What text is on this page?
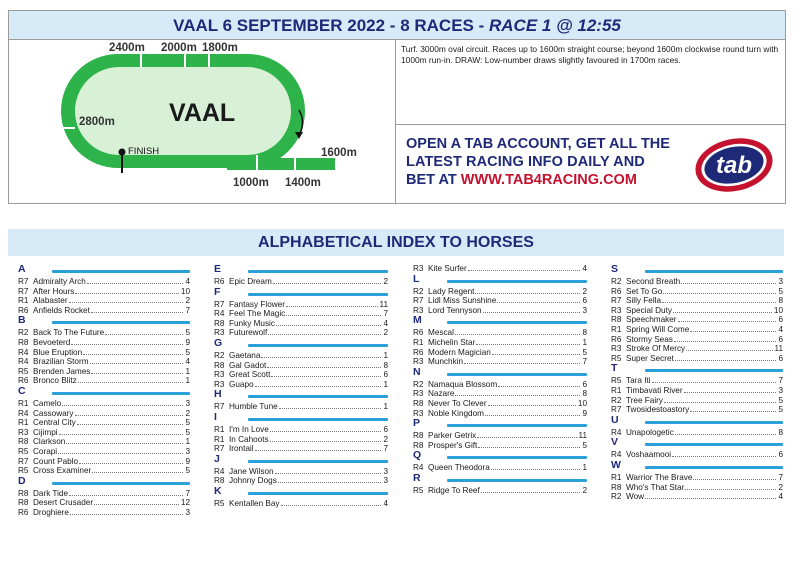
VAAL 6 SEPTEMBER 2022 - 8 RACES - RACE 1 @ 12:55
VAAL
2400m 2000m 1800m
2800m
FINISH	1600m
1000m 1400m
Turf. 3000m oval circuit. Races up to 1600m straight course; beyond 1600m clockwise round turn with 1000m run-in. DRAW: Low-number draws slightly favoured in 1700m races.
OPEN A TAB ACCOUNT, GET ALL THE
LATEST RACING INFO DAILY AND
BET AT WWW.TAB4RACING.COM
tab
ALPHABETICAL INDEX TO HORSES
A
R7 Admiralty Arch	4
R7 After Hours	10
R1 Alabaster	2
R6 Anfields Rocket	7
B
R2 Back To The Future	5
R8 Bevoeterd	9
R4 Blue Eruption	5
R4 Brazilian Storm	4
R5 Brenden James	1
R6 Bronco Blitz	1
C
R1 Camelo	3
R4 Cassowary	2
R1 Central City	5
R3 Cijimpi	5
R8 Clarkson	1
R5 Corapi	3
R7 Count Pablo	9
R5 Cross Examiner	5
D
R8 Dark Tide	7
R8 Desert Crusader	12
R6 Droghiere	3
E
R6 Epic Dream	2
F
R7 Fantasy Flower	11
R4 Feel The Magic	7
R8 Funky Music	4
R3 Futurewolf	2
G
R2 Gaetana	1
R8 Gal Gadot	8
R3 Great Scott	6
R3 Guapo	1
H
R7 Humble Tune	1
I
R1 I'm In Love	6
R1 In Cahoots	2
R7 Irontail	7
J
R4 Jane Wilson	3
R8 Johnny Dogs	3
K
R5 Kentallen Bay	4
R3 Kite Surfer	4
L
R2 Lady Regent	2
R7 Lidl Miss Sunshine	6
R3 Lord Tennyson	3
M
R6 Mescal	8
R1 Michelin Star	1
R6 Modern Magician	5
R3 Munchkin	7
N
R2 Namaqua Blossom	6
R3 Nazare	8
R8 Never To Clever	10
R3 Noble Kingdom	9
P
R8 Parker Getrix	11
R8 Prosper's Gift	5
Q
R4 Queen Theodora	1
R
R5 Ridge To Reef	2
S
R2 Second Breath	3
R6 Set To Go	5
R7 Silly Fella	8
R3 Special Duty	10
R8 Speechmaker	6
R1 Spring Will Come	4
R6 Stormy Seas	6
R3 Stroke Of Mercy	11
R5 Super Secret	6
T
R5 Tara Iti	7
R1 Timbavati River	3
R2 Tree Fairy	5
R7 Twosidestoastory	5
U
R4 Unapologetic	8
V
R4 Voshaamooi	6
W
R1 Warrior The Brave	7
R8 Who's That Star	2
R2 Wow	4
